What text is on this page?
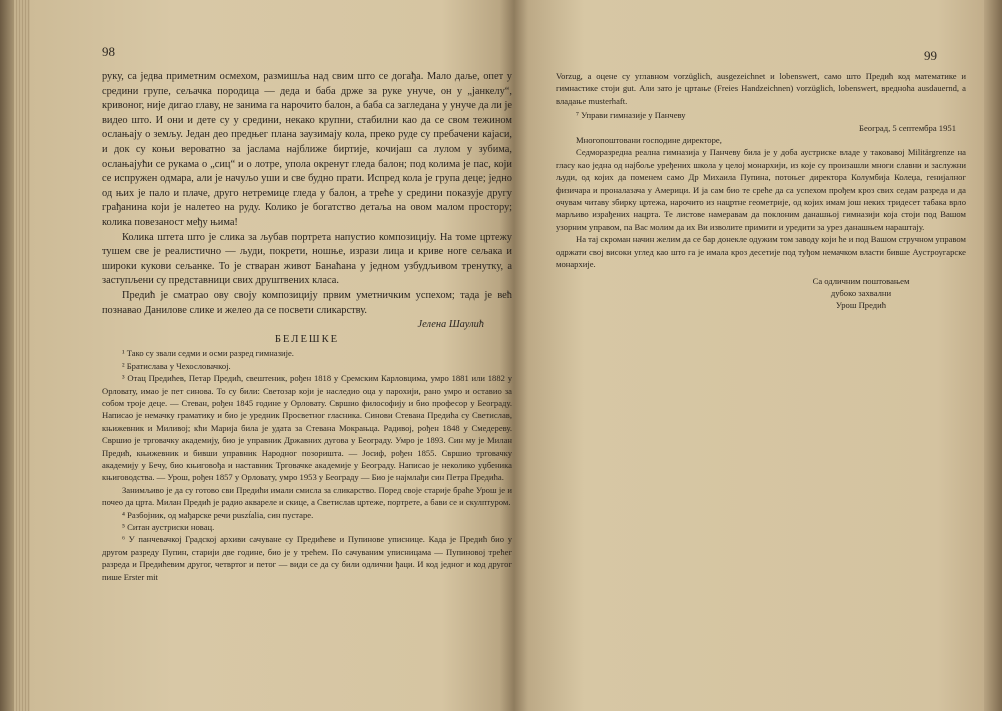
98

руку, са једва приметним осмехом, размишља над свим што се догађа. Мало даље, опет у средини групе, сељачка породица — деда и баба држе за руке унуче, он у „јанкелу“, кривоног, није дигао главу, не занима га нарочито балон, а баба са загледана у унуче да ли је видео што. И они и дете су у средини, некако крупни, стабилни као да се свом тежином ослањају о земљу. Један део предњег плана заузимају кола, преко руде су пребачени кајаси, и док су коњи вероватно за јаслама најближе биртије, кочијаш са лулом у зубима, ослањајући се рукама о „сиц“ и о лотре, упола окренут гледа балон; под колима је пас, који се испружен одмара, али је начуљо уши и све будно прати. Испред кола је група деце; једно од њих је пало и плаче, друго нетремице гледа у балон, а треће у средини показује другу грађанина који је налетео на руду. Колико је богатство детаља на овом малом простору; колика повезаност међу њима!

Колика штета што је слика за љубав портрета напустио композицију. На томе цртежу тушем све је реалистично — људи, покрети, ношње, изрази лица и криве ноге сељака и широки кукови сељанке. То је стваран живот Банаћана у једном узбудљивом тренутку, а заступљени су представници свих друштвених класа.

Предић је сматрао ову своју композицију првим уметничким успехом; тада је већ познавао Данилове слике и желео да се посвети сликарству.

Јелена Шаулић

БЕЛЕШКЕ

¹ Тако су звали седми и осми разред гимназије.

² Братислава у Чехословачкој.

³ Отац Предићев, Петар Предић, свештеник, рођен 1818 у Сремским Карловцима, умро 1881 или 1882 у Орловату, имао је пет синова. То су били: Светозар који је наследио оца у парохији, рано умро и оставио за собом троје деце. — Стеван, рођен 1845 године у Орловату. Свршио философију и био професор у Београду. Написао је немачку граматику и био је уредник Просветног гласника. Синови Стевана Предића су Светислав, књижевник и Миливој; кћи Марија била је удата за Стевана Мокрањца. Радивој, рођен 1848 у Смедереву. Свршио је трговачку академију, био је управник Државних дугова у Београду. Умро је 1893. Син му је Милан Предић, књижевник и бивши управник Народног позоришта. — Јосиф, рођен 1855. Свршио трговачку академију у Бечу, био књиговођа и наставник Трговачке академије у Београду. Написао је неколико уџбеника књиговодства. — Урош, рођен 1857 у Орловату, умро 1953 у Београду — Био је најмлађи син Петра Предића.

Занимљиво је да су готово сви Предићи имали смисла за сликарство. Поред своје старије браће Урош је и почео да црта. Милан Предић је радио акварелe и скице, а Светислав цртеже, портрете, а бави се и скулптуром.

⁴ Разбојник, од мађарске речи puszt́alia, син пустаре.

⁵ Ситан аустриски новац.

⁶ У панчевачкој Градској архиви сачуване су Предићеве и Пупинове уписнице. Када је Предић био у другом разреду Пупин, старији две године, био је у трећем. По сачуваним уписницама — Пупиновој трећег разреда и Предићевим другог, четвртог и петог — види се да су били одлични ђаци. И код једног и код другог пише Erster mit

99

Vorzug, а оцене су углавном vorzüglich, ausgezeichnet и lobenswert, само што Предић код математике и гимнастике стоји gut. Али зато је цртање (Freies Handzeichnen) vorzüglich, lobenswert, вредноћа ausdauernd, а владање musterhaft.

⁷ Управи гимназије у Панчеву

Београд, 5 септембра 1951

Многопоштовани господине директоре,

Седморазредна реална гимназија у Панчеву била је у доба аустриске владе у таковавој Militärgrenze на гласу као једна од најбоље уређених школа у целој монархији, из које су произашли многи славни и заслужни људи, од којих да поменем само Др Михаила Пупина, потоњег директора Колумбија Колеџа, генијалног физичара и проналазача у Америци. И ја сам био те среће да са успехом прођем кроз свих седам разреда и да очувам читаву збирку цртежа, нарочито из нацртне геометрије, од којих имам још неких тридесет табака врло марљиво израђених нацрта. Те листове намеравам да поклоним данашњој гимназији која стоји под Вашом узорним управом, па Вас молим да их Ви изволите примити и уредити за урез данашњем нараштају.

На тај скроман начин желим да се бар донекле одужим том заводу који ће и под Вашом стручном управом одржати свој високи углед као што га је имала кроз десетије под туђом немачком власти бивше Аустроугарске монархије.

Са одличним поштовањем

дубоко захвални

Урош Предић
